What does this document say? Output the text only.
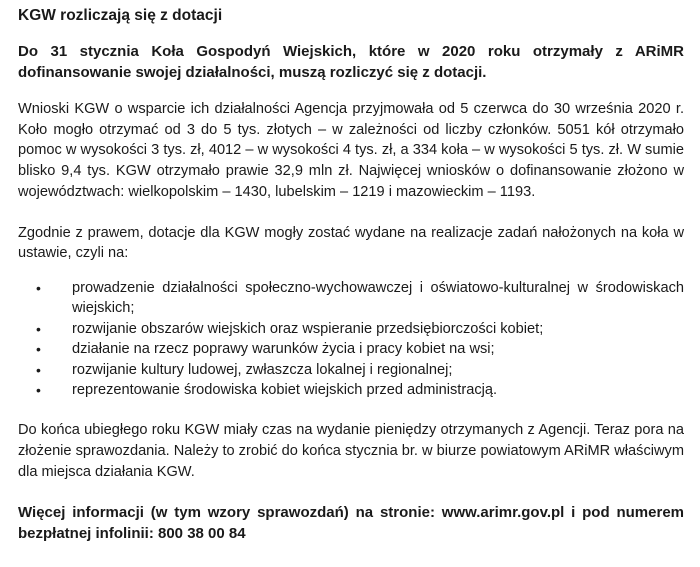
KGW rozliczają się z dotacji

Do 31 stycznia Koła Gospodyń Wiejskich, które w 2020 roku otrzymały z ARiMR dofinansowanie swojej działalności, muszą rozliczyć się z dotacji.

Wnioski KGW o wsparcie ich działalności Agencja przyjmowała od 5 czerwca do 30 września 2020 r. Koło mogło otrzymać od 3 do 5 tys. złotych – w zależności od liczby członków. 5051 kół otrzymało pomoc w wysokości 3 tys. zł, 4012 – w wysokości 4 tys. zł, a 334 koła – w wysokości 5 tys. zł. W sumie blisko 9,4 tys. KGW otrzymało prawie 32,9 mln zł. Najwięcej wniosków o dofinansowanie złożono w województwach: wielkopolskim – 1430, lubelskim – 1219 i mazowieckim – 1193.

Zgodnie z prawem, dotacje dla KGW mogły zostać wydane na realizacje zadań nałożonych na koła w ustawie, czyli na:

• prowadzenie działalności społeczno-wychowawczej i oświatowo-kulturalnej w środowiskach wiejskich;
• rozwijanie obszarów wiejskich oraz wspieranie przedsiębiorczości kobiet;
• działanie na rzecz poprawy warunków życia i pracy kobiet na wsi;
• rozwijanie kultury ludowej, zwłaszcza lokalnej i regionalnej;
• reprezentowanie środowiska kobiet wiejskich przed administracją.

Do końca ubiegłego roku KGW miały czas na wydanie pieniędzy otrzymanych z Agencji. Teraz pora na złożenie sprawozdania. Należy to zrobić do końca stycznia br. w biurze powiatowym ARiMR właściwym dla miejsca działania KGW.

Więcej informacji (w tym wzory sprawozdań) na stronie: www.arimr.gov.pl i pod numerem bezpłatnej infolinii: 800 38 00 84
